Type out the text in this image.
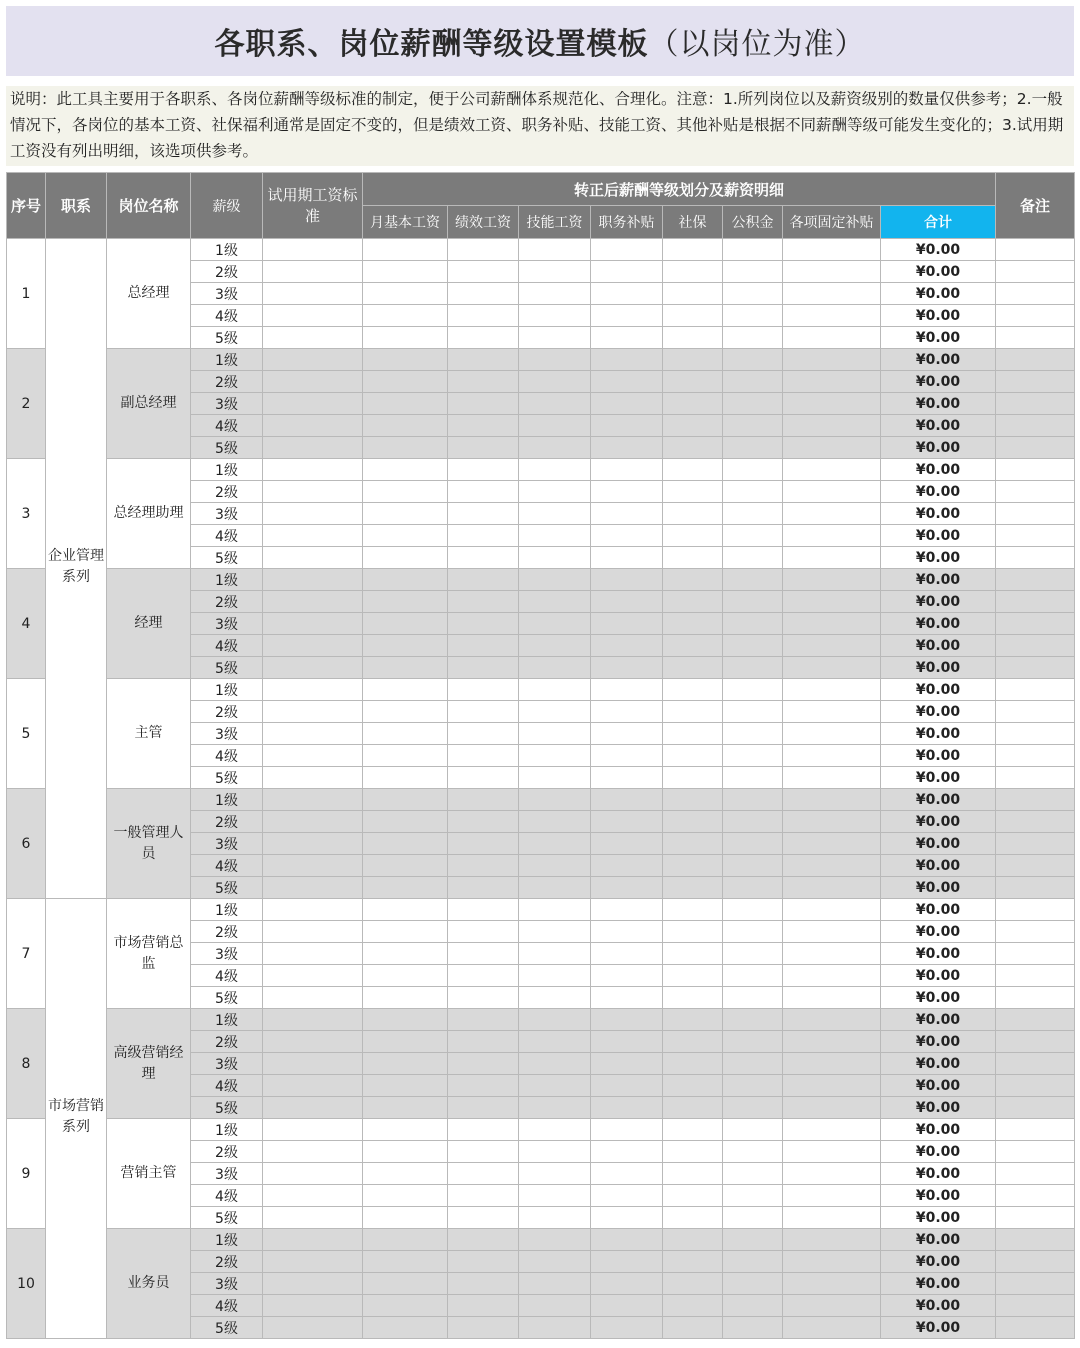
各职系、岗位薪酬等级设置模板 （以岗位为准）
说明：此工具主要用于各职系、各岗位薪酬等级标准的制定，便于公司薪酬体系规范化、合理化。注意：1.所列岗位以及薪资级别的数量仅供参考；2.一般情况下，各岗位的基本工资、社保福利通常是固定不变的，但是绩效工资、职务补贴、技能工资、其他补贴是根据不同薪酬等级可能发生变化的；3.试用期工资没有列出明细，该选项供参考。
序号	职系	岗位名称	薪级	试用期工资标准	转正后薪酬等级划分及薪资明细								备注
					月基本工资	绩效工资	技能工资	职务补贴	社保	公积金	各项固定补贴	合计	
1	企业管理系列	总经理	1级									¥0.00	
			2级									¥0.00	
			3级									¥0.00	
			4级									¥0.00	
			5级									¥0.00	
2		副总经理	1级									¥0.00	
			2级									¥0.00	
			3级									¥0.00	
			4级									¥0.00	
			5级									¥0.00	
3		总经理助理	1级									¥0.00	
			2级									¥0.00	
			3级									¥0.00	
			4级									¥0.00	
			5级									¥0.00	
4		经理	1级									¥0.00	
			2级									¥0.00	
			3级									¥0.00	
			4级									¥0.00	
			5级									¥0.00	
5		主管	1级									¥0.00	
			2级									¥0.00	
			3级									¥0.00	
			4级									¥0.00	
			5级									¥0.00	
6		一般管理人员	1级									¥0.00	
			2级									¥0.00	
			3级									¥0.00	
			4级									¥0.00	
			5级									¥0.00	
7	市场营销系列	市场营销总监	1级									¥0.00	
			2级									¥0.00	
			3级									¥0.00	
			4级									¥0.00	
			5级									¥0.00	
8		高级营销经理	1级									¥0.00	
			2级									¥0.00	
			3级									¥0.00	
			4级									¥0.00	
			5级									¥0.00	
9		营销主管	1级									¥0.00	
			2级									¥0.00	
			3级									¥0.00	
			4级									¥0.00	
			5级									¥0.00	
10		业务员	1级									¥0.00	
			2级									¥0.00	
			3级									¥0.00	
			4级									¥0.00	
			5级									¥0.00	
